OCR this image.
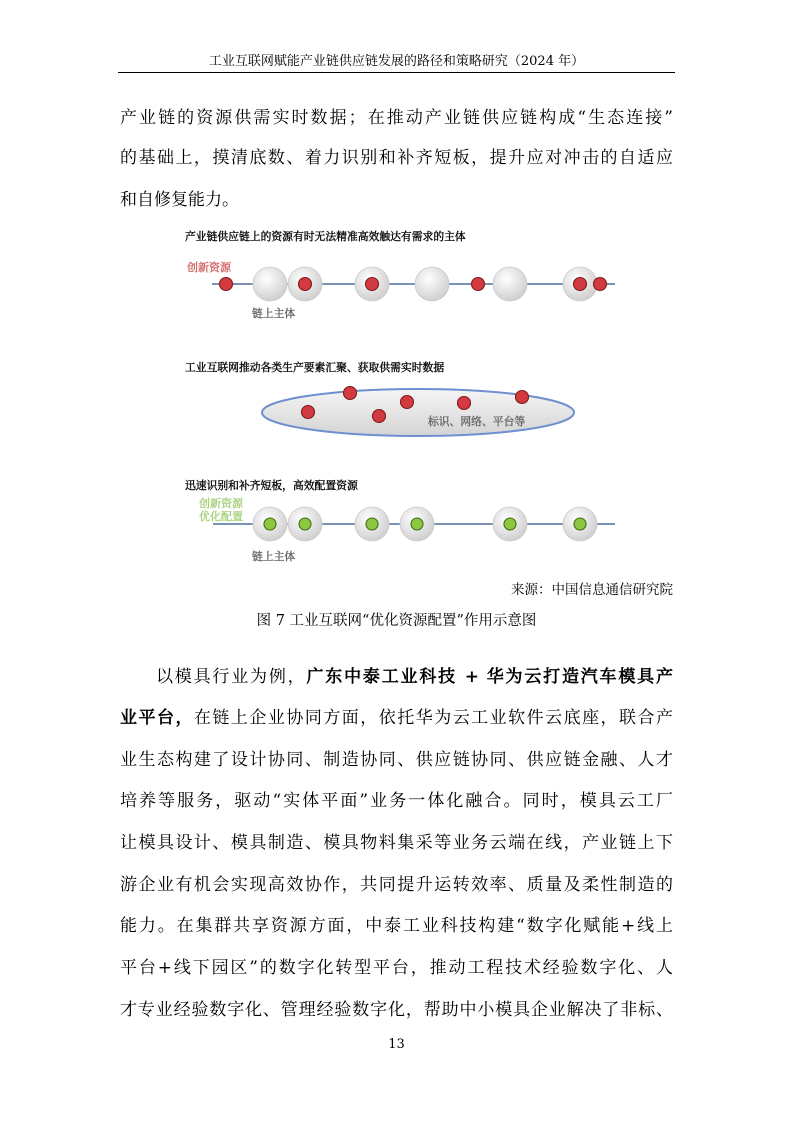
工业互联网赋能产业链供应链发展的路径和策略研究（2024 年）
产业链的资源供需实时数据；在推动产业链供应链构成“生态连接”
的基础上，摸清底数、着力识别和补齐短板，提升应对冲击的自适应
和自修复能力。
产业链供应链上的资源有时无法精准高效触达有需求的主体
创新资源
链上主体
工业互联网推动各类生产要素汇聚、获取供需实时数据
标识、网络、平台等
迅速识别和补齐短板，高效配置资源
创新资源
优化配置
链上主体
来源：中国信息通信研究院
图 7 工业互联网“优化资源配置”作用示意图
以模具行业为例，广东中泰工业科技 + 华为云打造汽车模具产
业平台，在链上企业协同方面，依托华为云工业软件云底座，联合产
业生态构建了设计协同、制造协同、供应链协同、供应链金融、人才
培养等服务，驱动“实体平面”业务一体化融合。同时，模具云工厂
让模具设计、模具制造、模具物料集采等业务云端在线，产业链上下
游企业有机会实现高效协作，共同提升运转效率、质量及柔性制造的
能力。在集群共享资源方面，中泰工业科技构建“数字化赋能+线上
平台+线下园区”的数字化转型平台，推动工程技术经验数字化、人
才专业经验数字化、管理经验数字化，帮助中小模具企业解决了非标、
13
